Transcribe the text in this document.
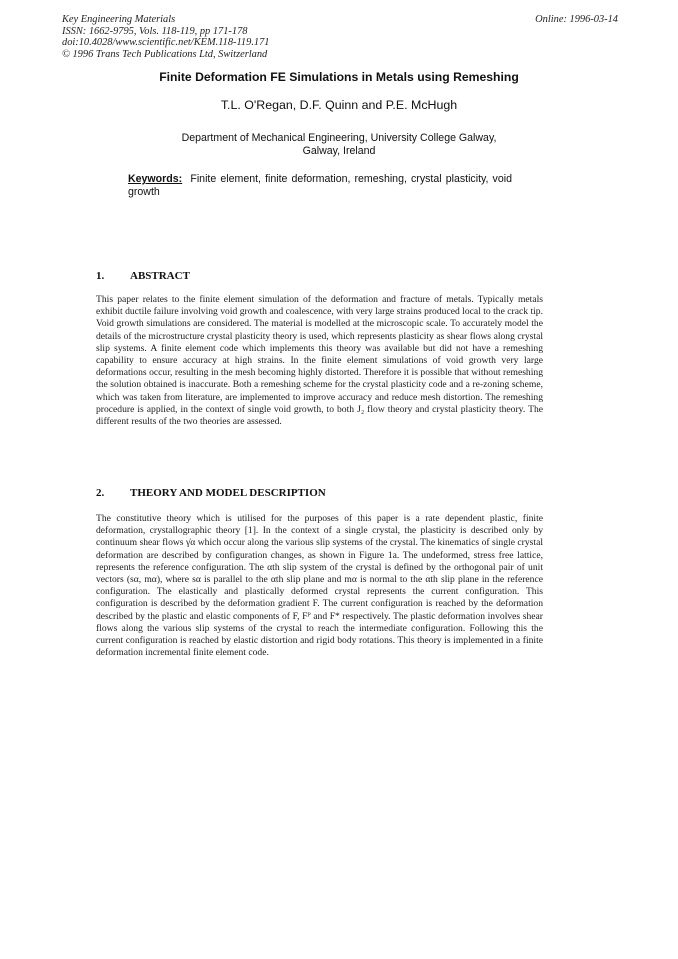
Key Engineering Materials
ISSN: 1662-9795, Vols. 118-119, pp 171-178
doi:10.4028/www.scientific.net/KEM.118-119.171
© 1996 Trans Tech Publications Ltd, Switzerland
Online: 1996-03-14
Finite Deformation FE Simulations in Metals using Remeshing
T.L. O'Regan, D.F. Quinn and P.E. McHugh
Department of Mechanical Engineering, University College Galway,
Galway, Ireland
Keywords: Finite element, finite deformation, remeshing, crystal plasticity, void growth
1. ABSTRACT
This paper relates to the finite element simulation of the deformation and fracture of metals. Typically metals exhibit ductile failure involving void growth and coalescence, with very large strains produced local to the crack tip. Void growth simulations are considered. The material is modelled at the microscopic scale. To accurately model the details of the microstructure crystal plasticity theory is used, which represents plasticity as shear flows along crystal slip systems. A finite element code which implements this theory was available but did not have a remeshing capability to ensure accuracy at high strains. In the finite element simulations of void growth very large deformations occur, resulting in the mesh becoming highly distorted. Therefore it is possible that without remeshing the solution obtained is inaccurate. Both a remeshing scheme for the crystal plasticity code and a re-zoning scheme, which was taken from literature, are implemented to improve accuracy and reduce mesh distortion. The remeshing procedure is applied, in the context of single void growth, to both J₂ flow theory and crystal plasticity theory. The different results of the two theories are assessed.
2. THEORY AND MODEL DESCRIPTION
The constitutive theory which is utilised for the purposes of this paper is a rate dependent plastic, finite deformation, crystallographic theory [1]. In the context of a single crystal, the plasticity is described only by continuum shear flows γ̇α which occur along the various slip systems of the crystal. The kinematics of single crystal deformation are described by configuration changes, as shown in Figure 1a. The undeformed, stress free lattice, represents the reference configuration. The αth slip system of the crystal is defined by the orthogonal pair of unit vectors (sα, mα), where sα is parallel to the αth slip plane and mα is normal to the αth slip plane in the reference configuration. The elastically and plastically deformed crystal represents the current configuration. This configuration is described by the deformation gradient F. The current configuration is reached by the deformation described by the plastic and elastic components of F, Fᴾ and F* respectively. The plastic deformation involves shear flows along the various slip systems of the crystal to reach the intermediate configuration. Following this the current configuration is reached by elastic distortion and rigid body rotations. This theory is implemented in a finite deformation incremental finite element code.
